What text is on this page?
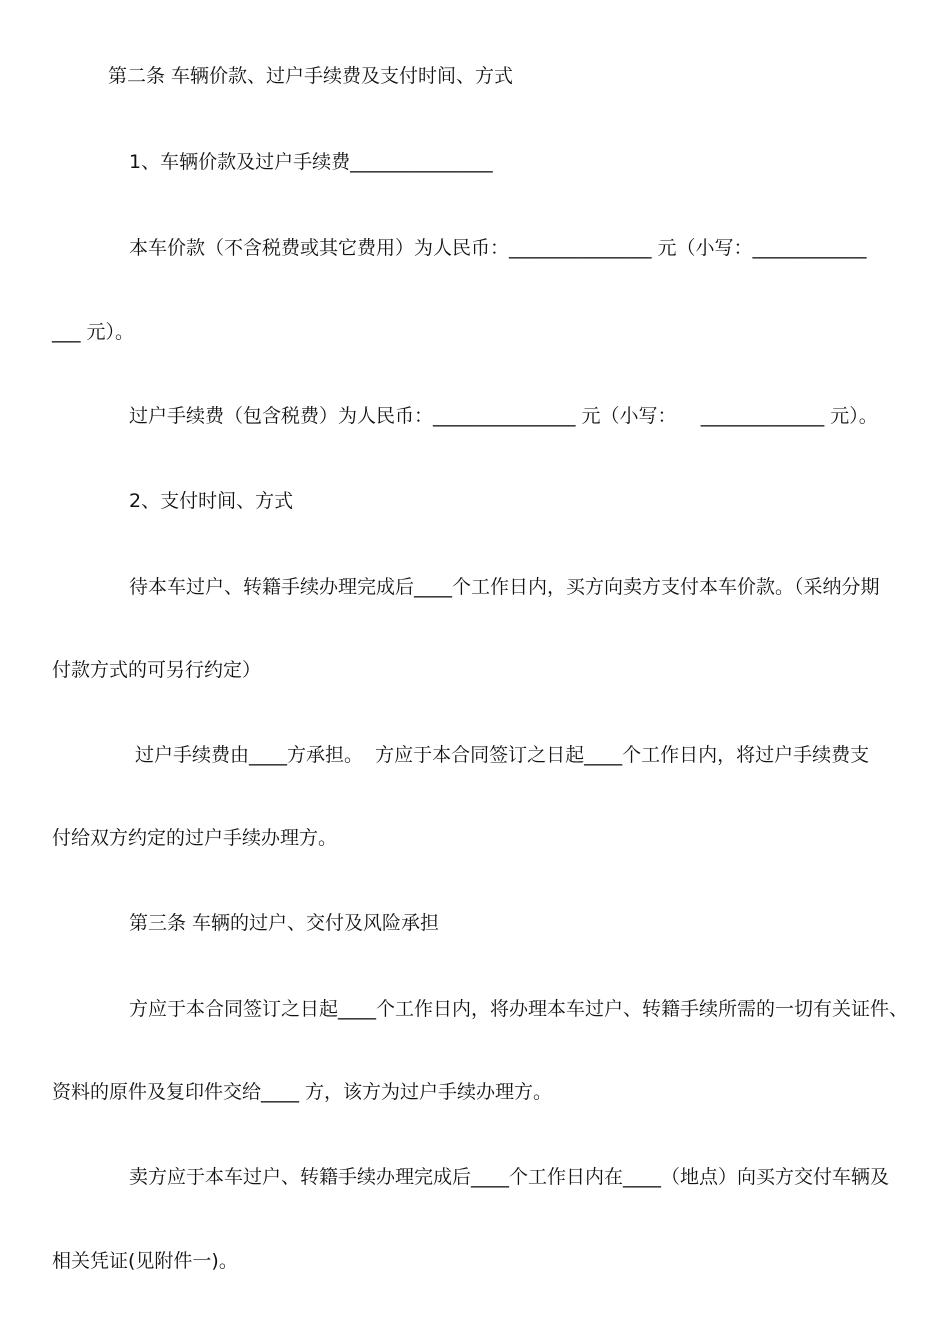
第二条 车辆价款、过户手续费及支付时间、方式
1、车辆价款及过户手续费_______________
本车价款（不含税费或其它费用）为人民币：_______________ 元（小写：____________
___ 元）。
过户手续费（包含税费）为人民币：_______________ 元（小写：    _____________ 元）。
2、支付时间、方式
待本车过户、转籍手续办理完成后____个工作日内，买方向卖方支付本车价款。（采纳分期
付款方式的可另行约定）
过户手续费由____方承担。  方应于本合同签订之日起____个工作日内，将过户手续费支
付给双方约定的过户手续办理方。
第三条 车辆的过户、交付及风险承担
方应于本合同签订之日起____个工作日内，将办理本车过户、转籍手续所需的一切有关证件、
资料的原件及复印件交给____ 方，该方为过户手续办理方。
卖方应于本车过户、转籍手续办理完成后____个工作日内在____（地点）向买方交付车辆及
相关凭证(见附件一)。
